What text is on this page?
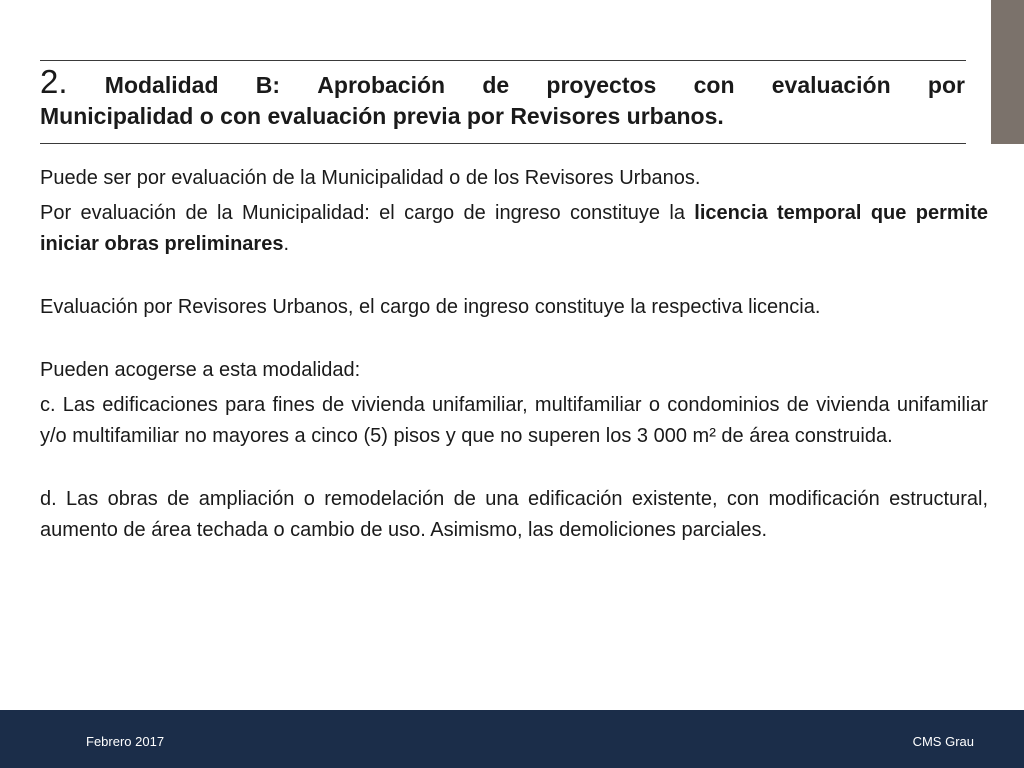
2. Modalidad B: Aprobación de proyectos con evaluación por
Municipalidad o con evaluación previa por Revisores urbanos.

Puede ser por evaluación de la Municipalidad o de los Revisores Urbanos.

Por evaluación de la Municipalidad: el cargo de ingreso constituye la licencia temporal que permite iniciar obras preliminares.

Evaluación por Revisores Urbanos, el cargo de ingreso constituye la respectiva licencia.

Pueden acogerse a esta modalidad:

c. Las edificaciones para fines de vivienda unifamiliar, multifamiliar o condominios de vivienda unifamiliar y/o multifamiliar no mayores a cinco (5) pisos y que no superen los 3 000 m² de área construida.

d. Las obras de ampliación o remodelación de una edificación existente, con modificación estructural, aumento de área techada o cambio de uso. Asimismo, las demoliciones parciales.

Febrero 2017	CMS Grau
